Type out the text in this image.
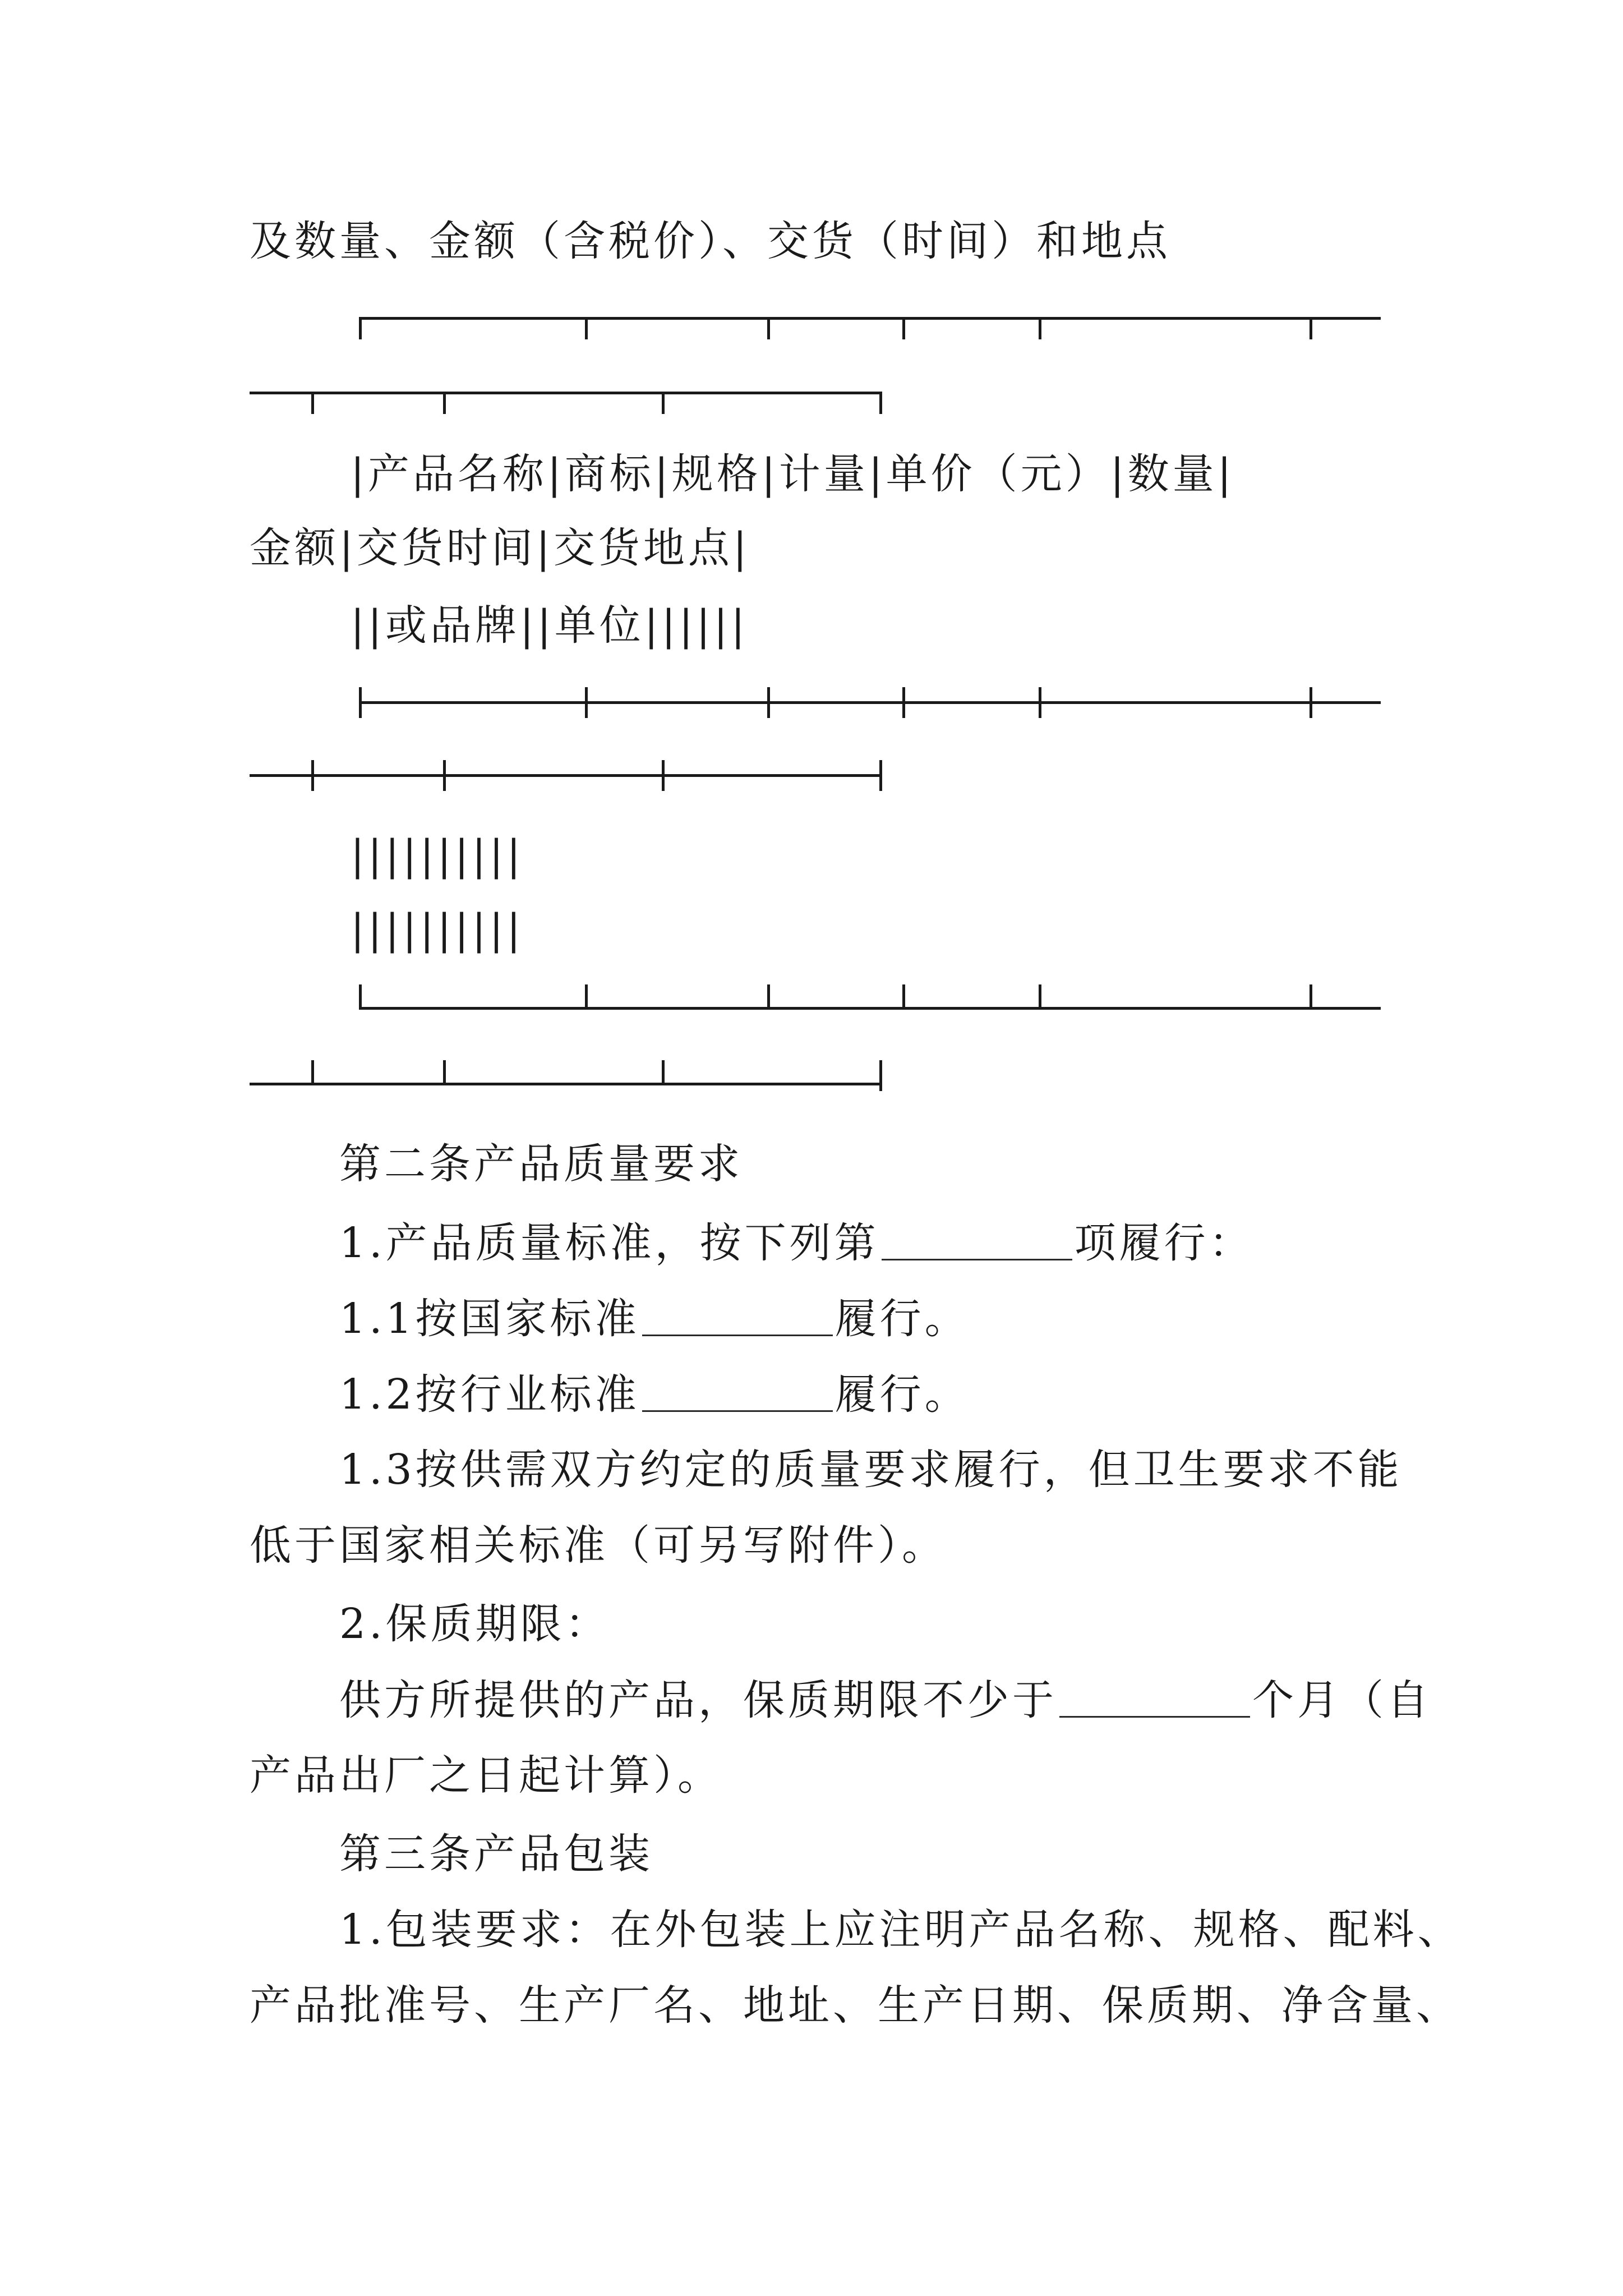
及数量、金额（含税价）、交货（时间）和地点
|产品名称|商标|规格|计量|单价（元）|数量|
金额|交货时间|交货地点|
||或品牌||单位||||||
||||||||||
||||||||||
第二条产品质量要求
1.产品质量标准，按下列第	项履行：
1.1按国家标准	履行。
1.2按行业标准	履行。
1.3按供需双方约定的质量要求履行，但卫生要求不能
低于国家相关标准（可另写附件）。
2.保质期限：
供方所提供的产品，保质期限不少于	个月（自
产品出厂之日起计算）。
第三条产品包装
1.包装要求：在外包装上应注明产品名称、规格、配料、
产品批准号、生产厂名、地址、生产日期、保质期、净含量、
